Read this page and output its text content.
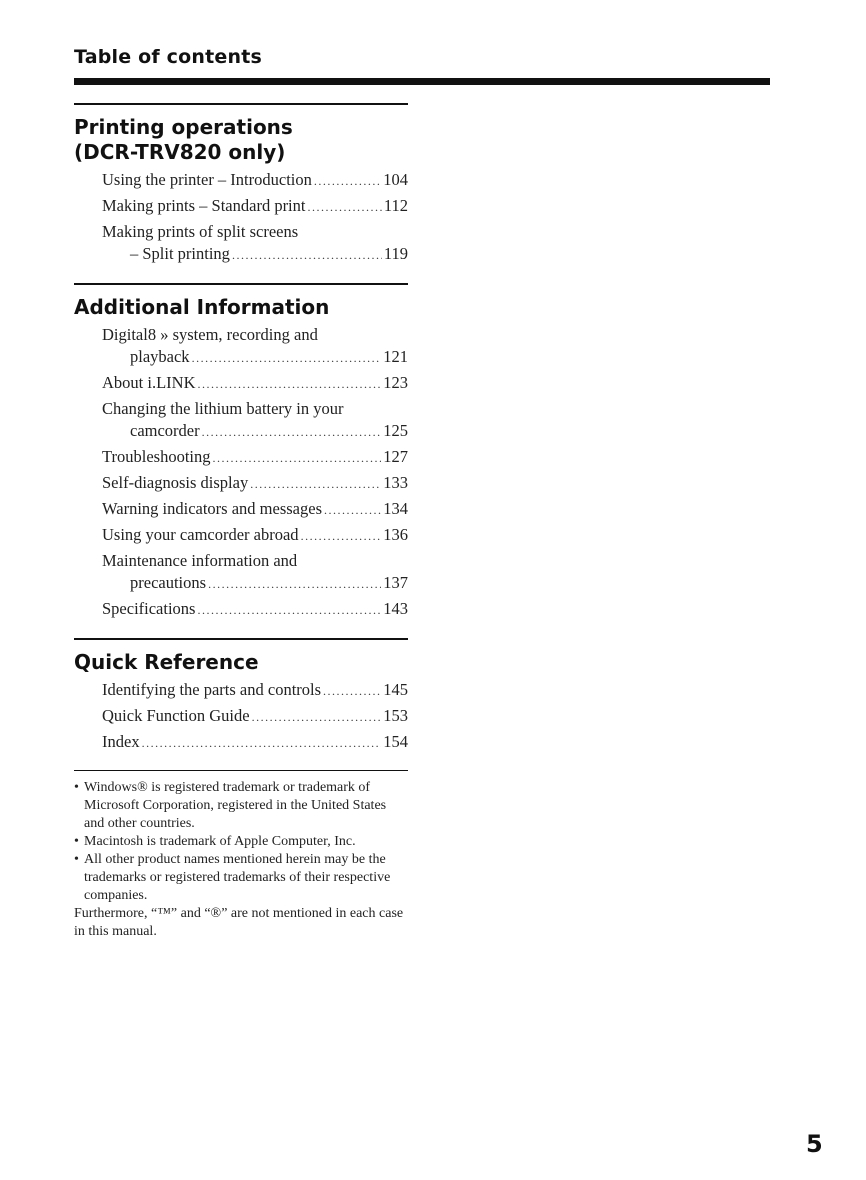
Table of contents
Printing operations
(DCR-TRV820 only)
Using the printer – Introduction .....	104
Making prints – Standard print .....	112
Making prints of split screens
– Split printing .....	119
Additional Information
Digital8 » system, recording and
playback .....	121
About i.LINK .....	123
Changing the lithium battery in your
camcorder .....	125
Troubleshooting .....	127
Self-diagnosis display .....	133
Warning indicators and messages .....	134
Using your camcorder abroad .....	136
Maintenance information and
precautions .....	137
Specifications .....	143
Quick Reference
Identifying the parts and controls .....	145
Quick Function Guide .....	153
Index .....	154
• Windows® is registered trademark or trademark of Microsoft Corporation, registered in the United States and other countries.
• Macintosh is trademark of Apple Computer, Inc.
• All other product names mentioned herein may be the trademarks or registered trademarks of their respective companies.
Furthermore, “™” and “®” are not mentioned in each case in this manual.
5
